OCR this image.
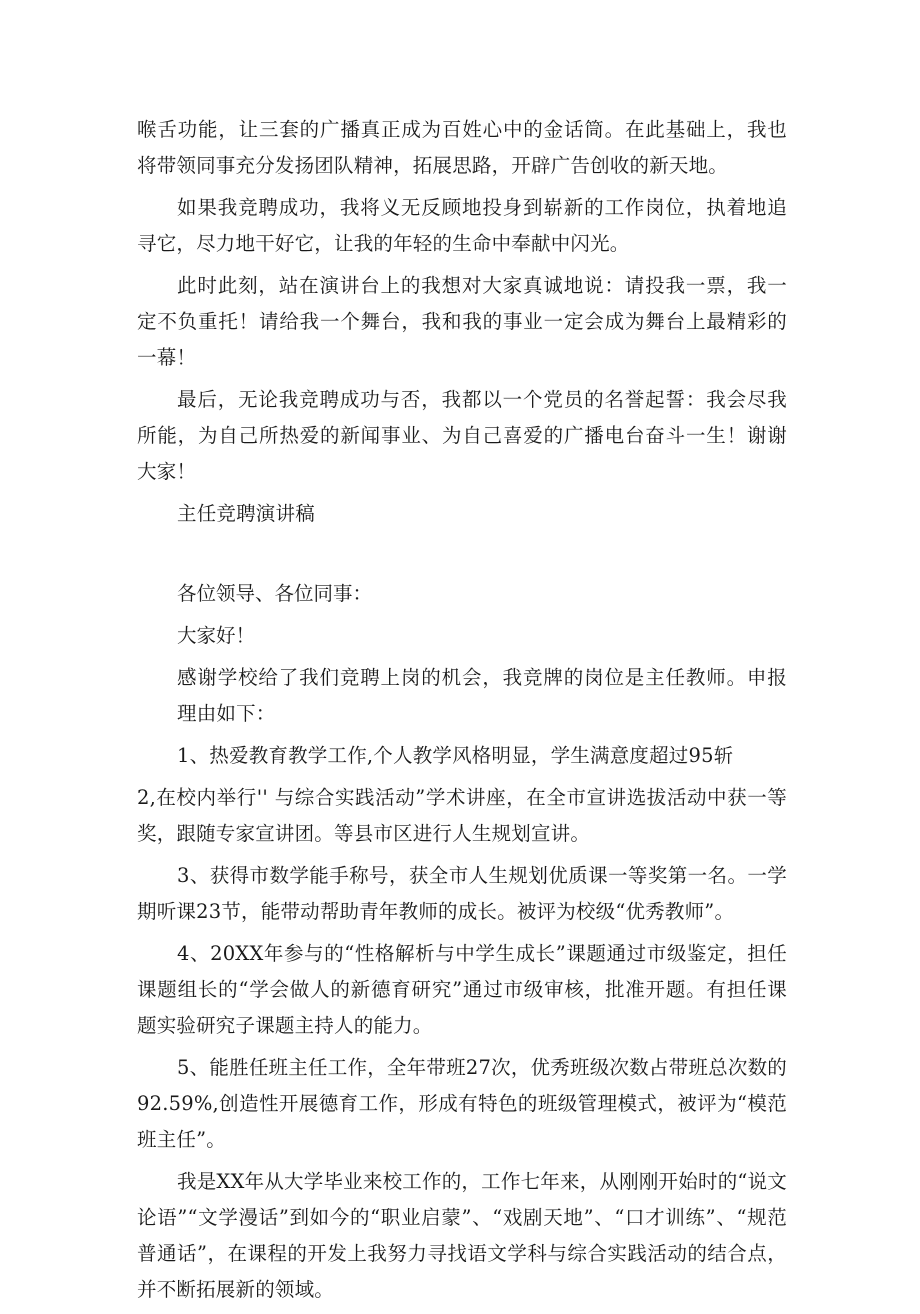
喉舌功能，让三套的广播真正成为百姓心中的金话筒。在此基础上，我也将带领同事充分发扬团队精神，拓展思路，开辟广告创收的新天地。

如果我竞聘成功，我将义无反顾地投身到崭新的工作岗位，执着地追寻它，尽力地干好它，让我的年轻的生命中奉献中闪光。

此时此刻，站在演讲台上的我想对大家真诚地说：请投我一票，我一定不负重托！请给我一个舞台，我和我的事业一定会成为舞台上最精彩的一幕！

最后，无论我竞聘成功与否，我都以一个党员的名誉起誓：我会尽我所能，为自己所热爱的新闻事业、为自己喜爱的广播电台奋斗一生！谢谢大家！

主任竞聘演讲稿
各位领导、各位同事：
大家好！

感谢学校给了我们竞聘上岗的机会，我竞牌的岗位是主任教师。申报理由如下：

1、热爱教育教学工作,个人教学风格明显，学生满意度超过95斩

2,在校内举行'' 与综合实践活动”学术讲座，在全市宣讲选拔活动中获一等奖，跟随专家宣讲团。等县市区进行人生规划宣讲。

3、获得市数学能手称号，获全市人生规划优质课一等奖第一名。一学期听课23节，能带动帮助青年教师的成长。被评为校级“优秀教师”。

4、20XX年参与的“性格解析与中学生成长”课题通过市级鉴定，担任课题组长的“学会做人的新德育研究”通过市级审核，批准开题。有担任课题实验研究子课题主持人的能力。

5、能胜任班主任工作，全年带班27次，优秀班级次数占带班总次数的92.59%,创造性开展德育工作，形成有特色的班级管理模式，被评为“模范班主任”。

我是XX年从大学毕业来校工作的，工作七年来，从刚刚开始时的“说文论语”“文学漫话”到如今的“职业启蒙”、“戏剧天地”、“口才训练”、“规范普通话”，在课程的开发上我努力寻找语文学科与综合实践活动的结合点，并不断拓展新的领域。
